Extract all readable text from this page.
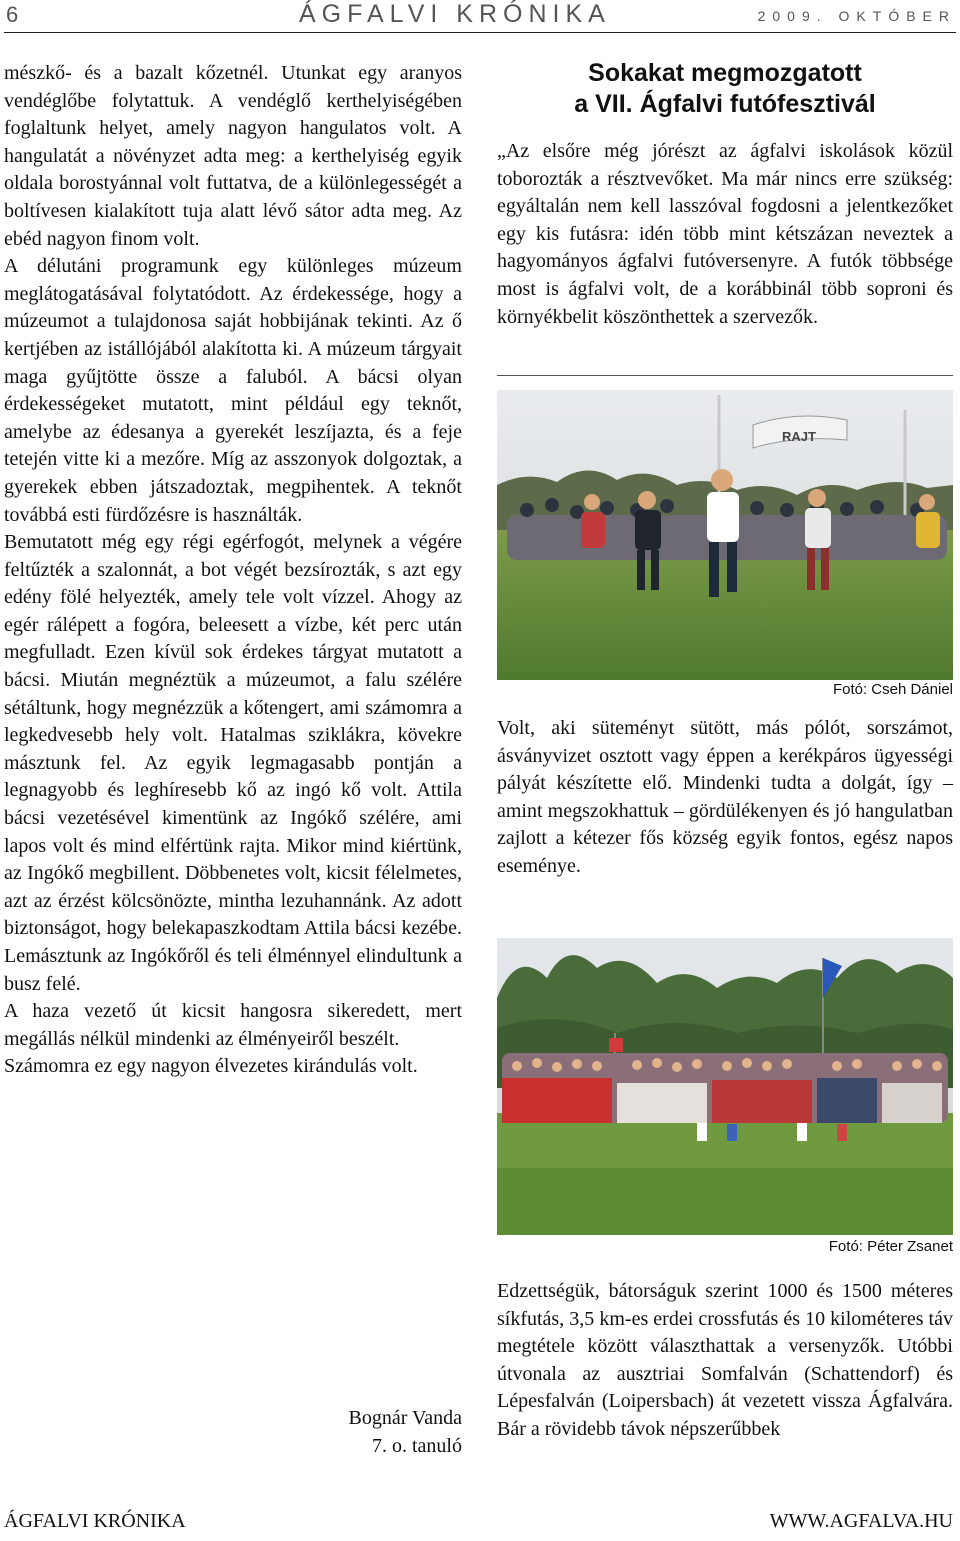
6	ÁGFALVI KRÓNIKA	2009. OKTÓBER

mészkő- és a bazalt kőzetnél. Utunkat egy aranyos vendéglőbe folytattuk. A vendéglő kerthelyiségében foglaltunk helyet, amely nagyon hangulatos volt. A hangulatát a növényzet adta meg: a kerthelyiség egyik oldala borostyánnal volt futtatva, de a különlegességét a boltívesen kialakított tuja alatt lévő sátor adta meg. Az ebéd nagyon finom volt.

A délutáni programunk egy különleges múzeum meglátogatásával folytatódott. Az érdekessége, hogy a múzeumot a tulajdonosa saját hobbijának tekinti. Az ő kertjében az istállójából alakította ki. A múzeum tárgyait maga gyűjtötte össze a faluból. A bácsi olyan érdekességeket mutatott, mint például egy teknőt, amelybe az édesanya a gyerekét leszíjazta, és a feje tetején vitte ki a mezőre. Míg az asszonyok dolgoztak, a gyerekek ebben játszadoztak, megpihentek. A teknőt továbbá esti fürdőzésre is használták.

Bemutatott még egy régi egérfogót, melynek a végére feltűzték a szalonnát, a bot végét bezsírozták, s azt egy edény fölé helyezték, amely tele volt vízzel. Ahogy az egér rálépett a fogóra, beleesett a vízbe, két perc után megfulladt. Ezen kívül sok érdekes tárgyat mutatott a bácsi. Miután megnéztük a múzeumot, a falu szélére sétáltunk, hogy megnézzük a kőtengert, ami számomra a legkedvesebb hely volt. Hatalmas sziklákra, kövekre másztunk fel. Az egyik legmagasabb pontján a legnagyobb és leghíresebb kő az ingó kő volt. Attila bácsi vezetésével kimentünk az Ingókő szélére, ami lapos volt és mind elfértünk rajta. Mikor mind kiértünk, az Ingókő megbillent. Döbbenetes volt, kicsit félelmetes, azt az érzést kölcsönözte, mintha lezuhannánk. Az adott biztonságot, hogy belekapaszkodtam Attila bácsi kezébe. Lemásztunk az Ingókőről és teli élménnyel elindultunk a busz felé.

A haza vezető út kicsit hangosra sikeredett, mert megállás nélkül mindenki az élményeiről beszélt.

Számomra ez egy nagyon élvezetes kirándulás volt.

Bognár Vanda
7. o. tanuló
Sokakat megmozgatott
a VII. Ágfalvi futófesztivál

„Az elsőre még jórészt az ágfalvi iskolások közül toborozták a résztvevőket. Ma már nincs erre szükség: egyáltalán nem kell lasszóval fogdosni a jelentkezőket egy kis futásra: idén több mint kétszázan neveztek a hagyományos ágfalvi futóversenyre. A futók többsége most is ágfalvi volt, de a korábbinál több soproni és környékbelit köszönthettek a szervezők.

RAJT
Fotó: Cseh Dániel

Volt, aki süteményt sütött, más pólót, sorszámot, ásványvizet osztott vagy éppen a kerékpáros ügyességi pályát készítette elő. Mindenki tudta a dolgát, így – amint megszokhattuk – gördülékenyen és jó hangulatban zajlott a kétezer fős község egyik fontos, egész napos eseménye.

Fotó: Péter Zsanet

Edzettségük, bátorságuk szerint 1000 és 1500 méteres síkfutás, 3,5 km-es erdei crossfutás és 10 kilométeres táv megtétele között választhattak a versenyzők. Utóbbi útvonala az ausztriai Somfalván (Schattendorf) és Lépesfalván (Loipersbach) át vezetett vissza Ágfalvára. Bár a rövidebb távok népszerűbbek

ÁGFALVI KRÓNIKA	WWW.AGFALVA.HU
